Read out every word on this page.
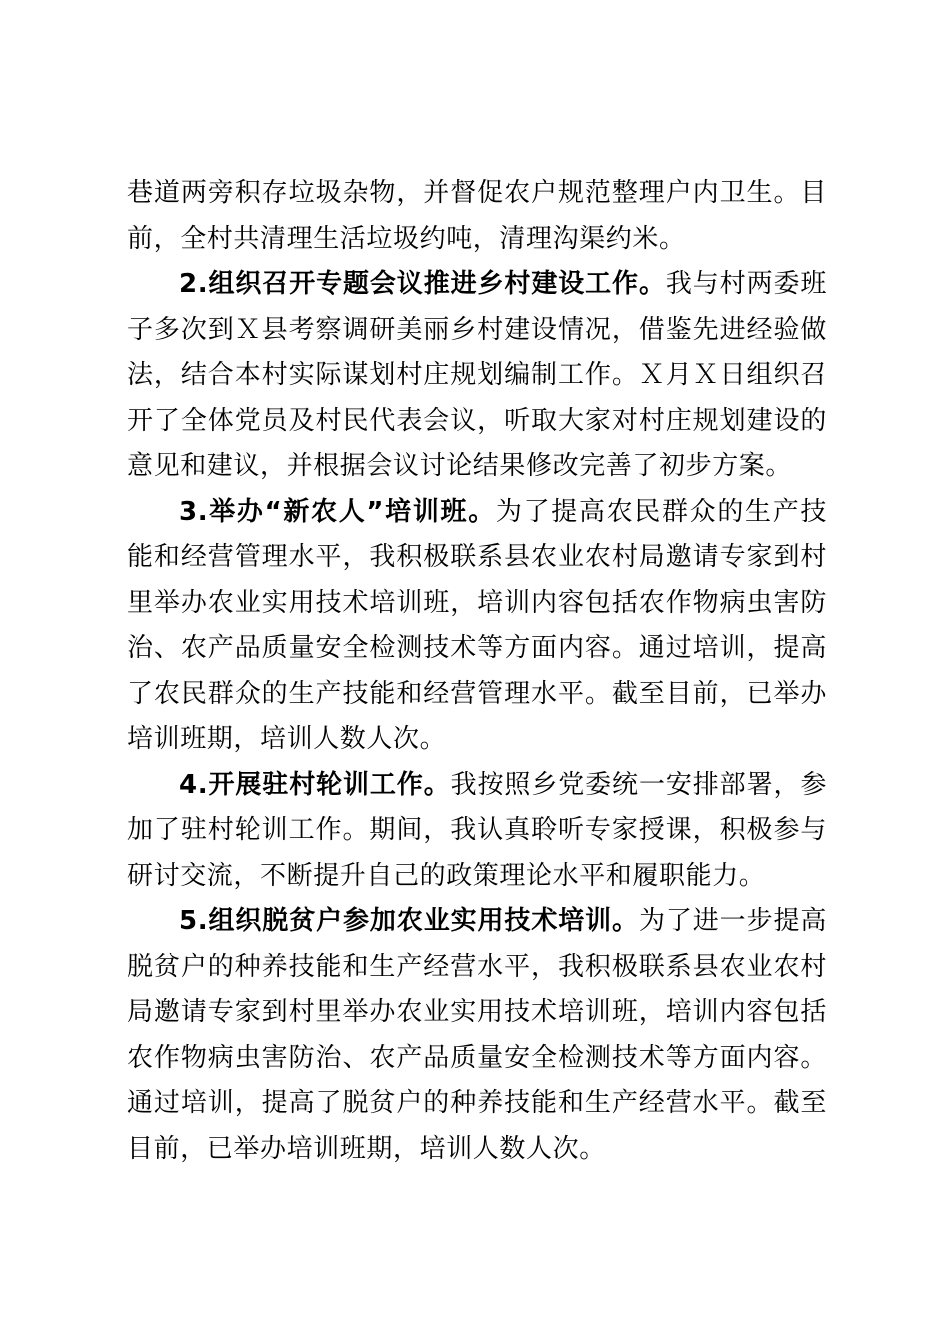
巷道两旁积存垃圾杂物，并督促农户规范整理户内卫生。目前，全村共清理生活垃圾约吨，清理沟渠约米。

2.组织召开专题会议推进乡村建设工作。我与村两委班子多次到Ｘ县考察调研美丽乡村建设情况，借鉴先进经验做法，结合本村实际谋划村庄规划编制工作。Ｘ月Ｘ日组织召开了全体党员及村民代表会议，听取大家对村庄规划建设的意见和建议，并根据会议讨论结果修改完善了初步方案。

3.举办“新农人”培训班。为了提高农民群众的生产技能和经营管理水平，我积极联系县农业农村局邀请专家到村里举办农业实用技术培训班，培训内容包括农作物病虫害防治、农产品质量安全检测技术等方面内容。通过培训，提高了农民群众的生产技能和经营管理水平。截至目前，已举办培训班期，培训人数人次。

4.开展驻村轮训工作。我按照乡党委统一安排部署，参加了驻村轮训工作。期间，我认真聆听专家授课，积极参与研讨交流，不断提升自己的政策理论水平和履职能力。

5.组织脱贫户参加农业实用技术培训。为了进一步提高脱贫户的种养技能和生产经营水平，我积极联系县农业农村局邀请专家到村里举办农业实用技术培训班，培训内容包括农作物病虫害防治、农产品质量安全检测技术等方面内容。通过培训，提高了脱贫户的种养技能和生产经营水平。截至目前，已举办培训班期，培训人数人次。
